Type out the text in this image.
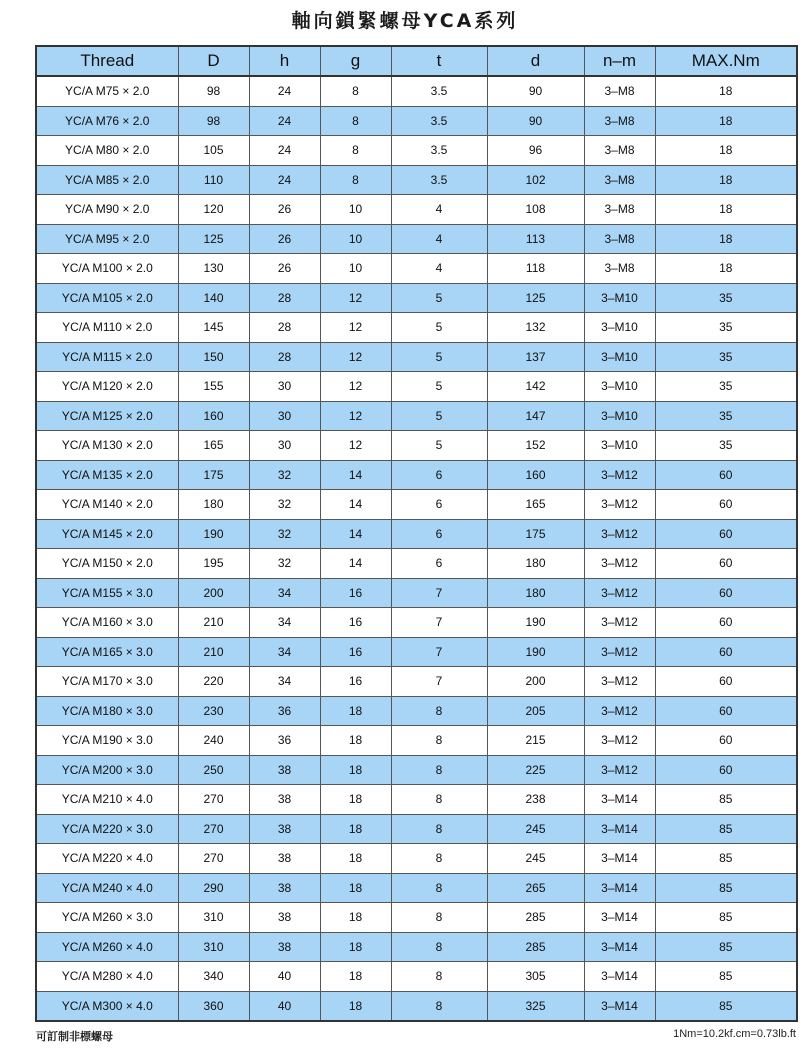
軸向鎖緊螺母YCA系列
Thread	D	h	g	t	d	n–m	MAX.Nm
YC/A M75 × 2.0	98	24	8	3.5	90	3–M8	18
YC/A M76 × 2.0	98	24	8	3.5	90	3–M8	18
YC/A M80 × 2.0	105	24	8	3.5	96	3–M8	18
YC/A M85 × 2.0	110	24	8	3.5	102	3–M8	18
YC/A M90 × 2.0	120	26	10	4	108	3–M8	18
YC/A M95 × 2.0	125	26	10	4	113	3–M8	18
YC/A M100 × 2.0	130	26	10	4	118	3–M8	18
YC/A M105 × 2.0	140	28	12	5	125	3–M10	35
YC/A M110 × 2.0	145	28	12	5	132	3–M10	35
YC/A M115 × 2.0	150	28	12	5	137	3–M10	35
YC/A M120 × 2.0	155	30	12	5	142	3–M10	35
YC/A M125 × 2.0	160	30	12	5	147	3–M10	35
YC/A M130 × 2.0	165	30	12	5	152	3–M10	35
YC/A M135 × 2.0	175	32	14	6	160	3–M12	60
YC/A M140 × 2.0	180	32	14	6	165	3–M12	60
YC/A M145 × 2.0	190	32	14	6	175	3–M12	60
YC/A M150 × 2.0	195	32	14	6	180	3–M12	60
YC/A M155 × 3.0	200	34	16	7	180	3–M12	60
YC/A M160 × 3.0	210	34	16	7	190	3–M12	60
YC/A M165 × 3.0	210	34	16	7	190	3–M12	60
YC/A M170 × 3.0	220	34	16	7	200	3–M12	60
YC/A M180 × 3.0	230	36	18	8	205	3–M12	60
YC/A M190 × 3.0	240	36	18	8	215	3–M12	60
YC/A M200 × 3.0	250	38	18	8	225	3–M12	60
YC/A M210 × 4.0	270	38	18	8	238	3–M14	85
YC/A M220 × 3.0	270	38	18	8	245	3–M14	85
YC/A M220 × 4.0	270	38	18	8	245	3–M14	85
YC/A M240 × 4.0	290	38	18	8	265	3–M14	85
YC/A M260 × 3.0	310	38	18	8	285	3–M14	85
YC/A M260 × 4.0	310	38	18	8	285	3–M14	85
YC/A M280 × 4.0	340	40	18	8	305	3–M14	85
YC/A M300 × 4.0	360	40	18	8	325	3–M14	85
可訂制非標螺母	1Nm=10.2kf.cm=0.73lb.ft
